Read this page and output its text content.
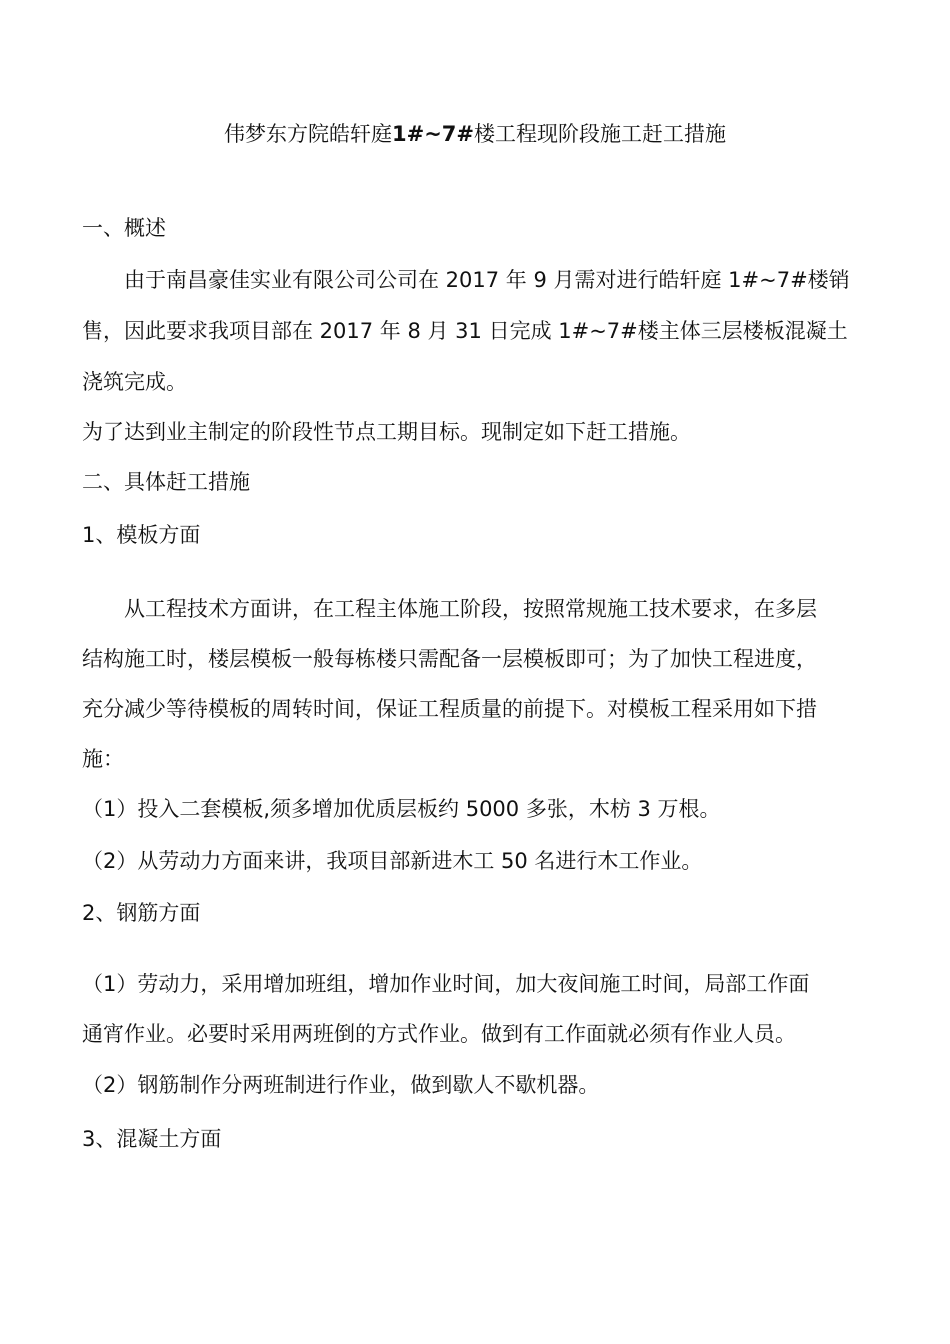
伟梦东方院皓轩庭1#~7#楼工程现阶段施工赶工措施
一、概述
由于南昌豪佳实业有限公司公司在 2017 年 9 月需对进行皓轩庭 1#~7#楼销
售，因此要求我项目部在 2017 年 8 月 31 日完成 1#~7#楼主体三层楼板混凝土
浇筑完成。
为了达到业主制定的阶段性节点工期目标。现制定如下赶工措施。
二、具体赶工措施
1、模板方面
从工程技术方面讲，在工程主体施工阶段，按照常规施工技术要求，在多层
结构施工时，楼层模板一般每栋楼只需配备一层模板即可；为了加快工程进度，
充分减少等待模板的周转时间，保证工程质量的前提下。对模板工程采用如下措
施：
（1）投入二套模板,须多增加优质层板约 5000 多张，木枋 3 万根。
（2）从劳动力方面来讲，我项目部新进木工 50 名进行木工作业。
2、钢筋方面
（1）劳动力，采用增加班组，增加作业时间，加大夜间施工时间，局部工作面
通宵作业。必要时采用两班倒的方式作业。做到有工作面就必须有作业人员。
（2）钢筋制作分两班制进行作业，做到歇人不歇机器。
3、混凝土方面
